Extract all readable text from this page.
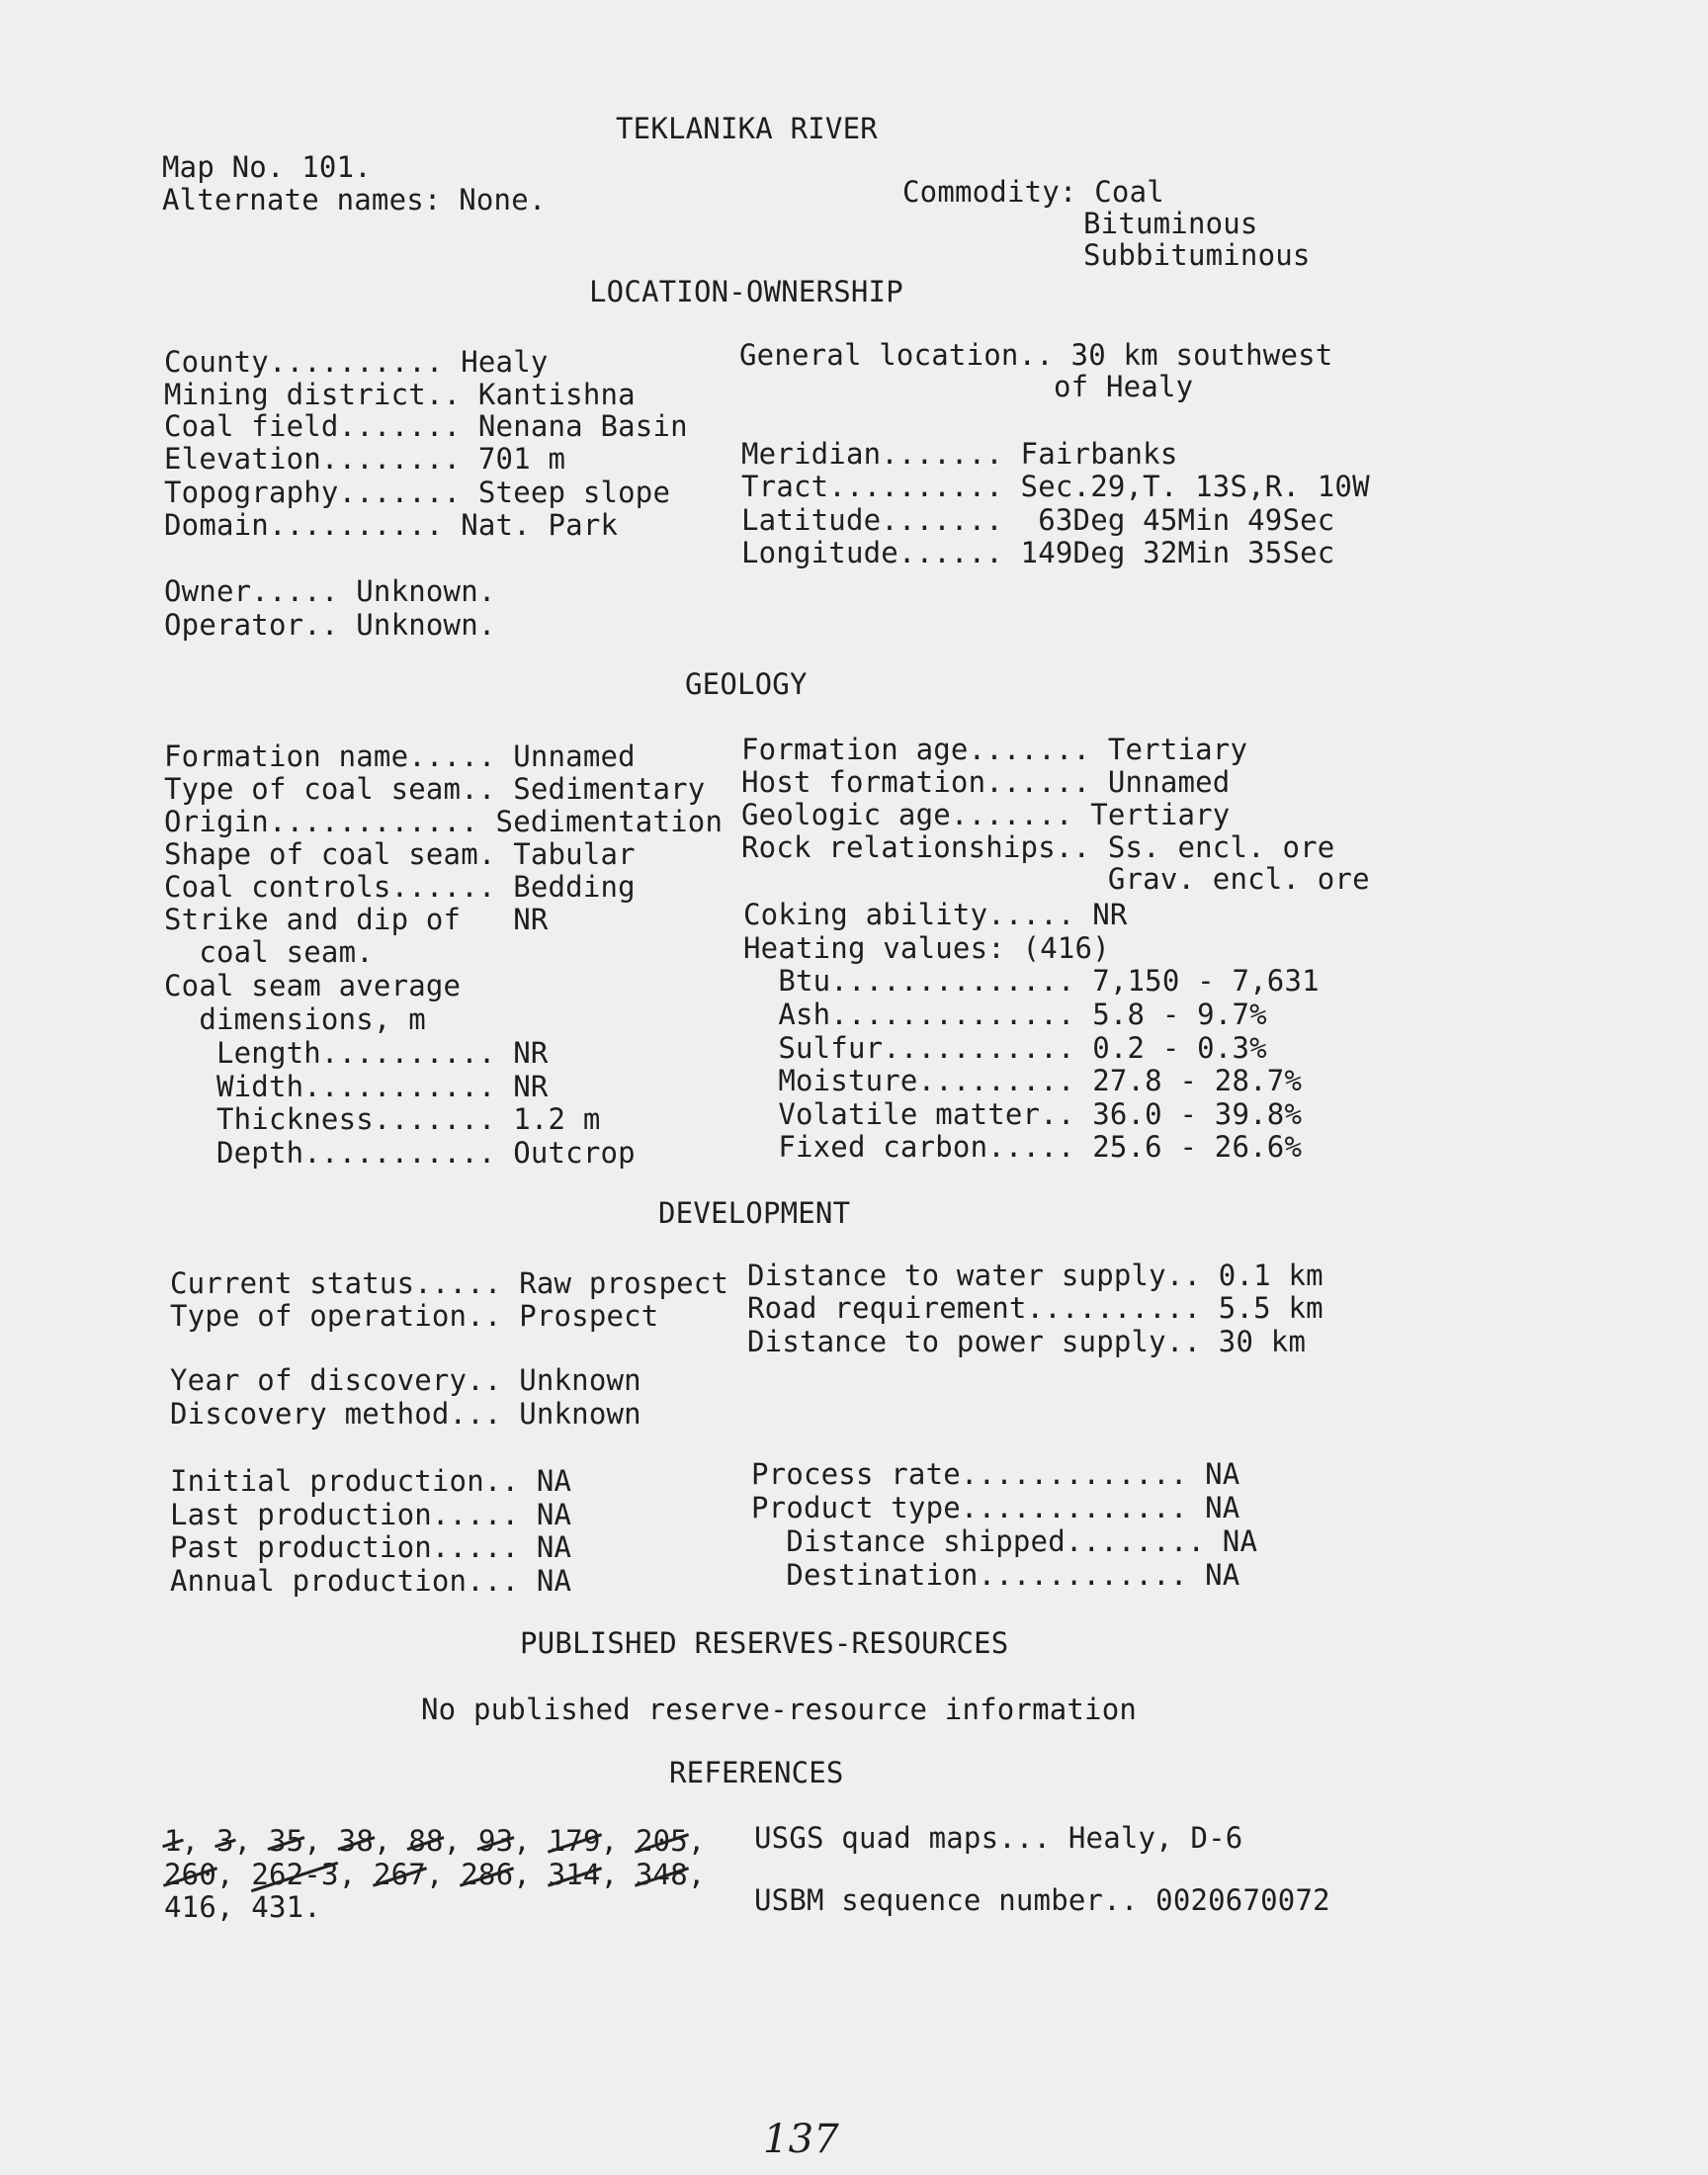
TEKLANIKA RIVER
Map No. 101.
Alternate names: None.	Commodity: Coal
Bituminous
Subbituminous
LOCATION-OWNERSHIP
County.......... Healy
Mining district.. Kantishna
Coal field....... Nenana Basin
Elevation........ 701 m
Topography....... Steep slope
Domain.......... Nat. Park
Owner..... Unknown.
Operator.. Unknown.
General location.. 30 km southwest
of Healy
Meridian....... Fairbanks
Tract.......... Sec.29,T. 13S,R. 10W
Latitude.......  63Deg 45Min 49Sec
Longitude...... 149Deg 32Min 35Sec
GEOLOGY
Formation name..... Unnamed
Type of coal seam.. Sedimentary
Origin............ Sedimentation
Shape of coal seam. Tabular
Coal controls...... Bedding
Strike and dip of   NR
coal seam.
Coal seam average
dimensions, m
Length.......... NR
Width........... NR
Thickness....... 1.2 m
Depth........... Outcrop
Formation age....... Tertiary
Host formation...... Unnamed
Geologic age....... Tertiary
Rock relationships.. Ss. encl. ore
Grav. encl. ore
Coking ability..... NR
Heating values: (416)
Btu.............. 7,150 - 7,631
Ash.............. 5.8 - 9.7%
Sulfur........... 0.2 - 0.3%
Moisture......... 27.8 - 28.7%
Volatile matter.. 36.0 - 39.8%
Fixed carbon..... 25.6 - 26.6%
DEVELOPMENT
Current status..... Raw prospect
Type of operation.. Prospect
Year of discovery.. Unknown
Discovery method... Unknown
Initial production.. NA
Last production..... NA
Past production..... NA
Annual production... NA
Distance to water supply.. 0.1 km
Road requirement.......... 5.5 km
Distance to power supply.. 30 km
Process rate............. NA
Product type............. NA
Distance shipped........ NA
Destination............ NA
PUBLISHED RESERVES-RESOURCES
No published reserve-resource information
REFERENCES
1, 3, 35, 38, 88, 93, 179, 205,
260, 262-3, 267, 286, 314, 348,
416, 431.
USGS quad maps... Healy, D-6
USBM sequence number.. 0020670072
137
